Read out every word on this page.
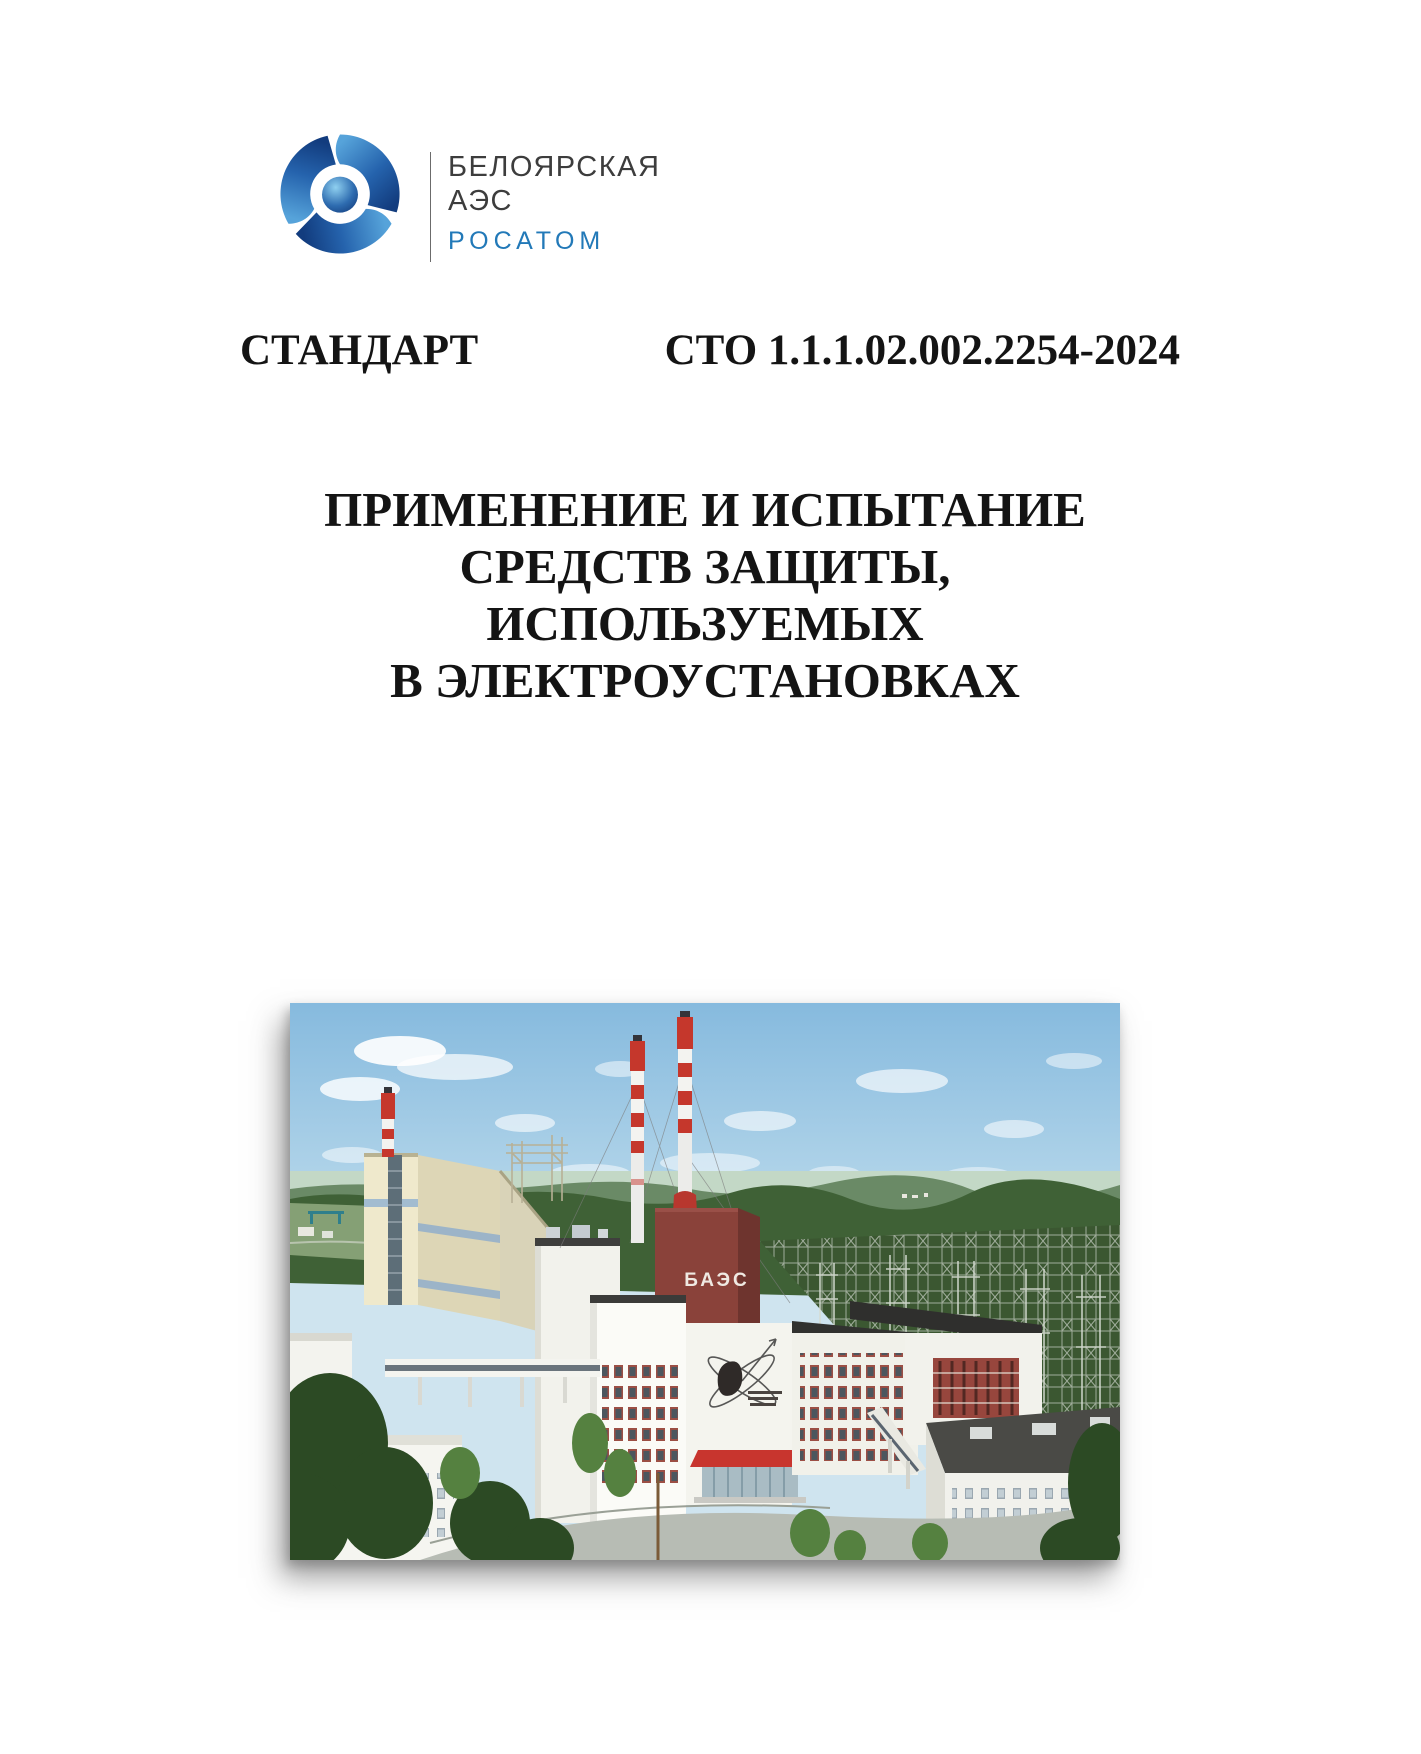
БЕЛОЯРСКАЯ
АЭС
РОСАТОМ
СТАНДАРТ	СТО 1.1.1.02.002.2254-2024
ПРИМЕНЕНИЕ И ИСПЫТАНИЕ
СРЕДСТВ ЗАЩИТЫ,
ИСПОЛЬЗУЕМЫХ
В ЭЛЕКТРОУСТАНОВКАХ
БАЭС
